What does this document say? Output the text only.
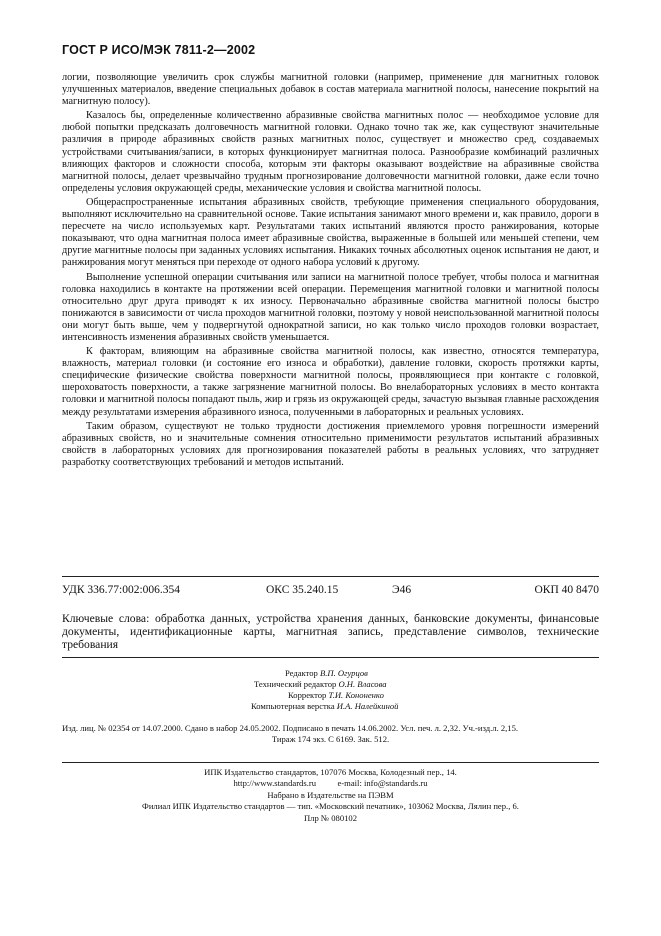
ГОСТ Р ИСО/МЭК 7811-2—2002

логии, позволяющие увеличить срок службы магнитной головки (например, применение для магнитных головок улучшенных материалов, введение специальных добавок в состав материала магнитной полосы, нанесение покрытий на магнитную полосу).

Казалось бы, определенные количественно абразивные свойства магнитных полос — необходимое условие для любой попытки предсказать долговечность магнитной головки. Однако точно так же, как существуют значительные различия в природе абразивных свойств разных магнитных полос, существует и множество сред, создаваемых устройствами считывания/записи, в которых функционирует магнитная полоса. Разнообразие комбинаций различных влияющих факторов и сложности способа, которым эти факторы оказывают воздействие на абразивные свойства магнитной полосы, делает чрезвычайно трудным прогнозирование долговечности магнитной головки, даже если точно определены условия окружающей среды, механические условия и свойства магнитной полосы.

Общераспространенные испытания абразивных свойств, требующие применения специального оборудования, выполняют исключительно на сравнительной основе. Такие испытания занимают много времени и, как правило, дороги в пересчете на число используемых карт. Результатами таких испытаний являются просто ранжирования, которые показывают, что одна магнитная полоса имеет абразивные свойства, выраженные в большей или меньшей степени, чем другие магнитные полосы при заданных условиях испытания. Никаких точных абсолютных оценок испытания не дают, и ранжирования могут меняться при переходе от одного набора условий к другому.

Выполнение успешной операции считывания или записи на магнитной полосе требует, чтобы полоса и магнитная головка находились в контакте на протяжении всей операции. Перемещения магнитной головки и магнитной полосы относительно друг друга приводят к их износу. Первоначально абразивные свойства магнитной полосы быстро понижаются в зависимости от числа проходов магнитной головки, поэтому у новой неиспользованной магнитной полосы они могут быть выше, чем у подвергнутой однократной записи, но как только число проходов головки возрастает, интенсивность изменения абразивных свойств уменьшается.

К факторам, влияющим на абразивные свойства магнитной полосы, как известно, относятся температура, влажность, материал головки (и состояние его износа и обработки), давление головки, скорость протяжки карты, специфические физические свойства поверхности магнитной полосы, проявляющиеся при контакте с головкой, шероховатость поверхности, а также загрязнение магнитной полосы. Во внелабораторных условиях в место контакта головки и магнитной полосы попадают пыль, жир и грязь из окружающей среды, зачастую вызывая главные расхождения между результатами измерения абразивного износа, полученными в лабораторных и реальных условиях.

Таким образом, существуют не только трудности достижения приемлемого уровня погрешности измерений абразивных свойств, но и значительные сомнения относительно применимости результатов испытаний абразивных свойств в лабораторных условиях для прогнозирования показателей работы в реальных условиях, что затрудняет разработку соответствующих требований и методов испытаний.

УДК 336.77:002:006.354	ОКС 35.240.15	Э46	ОКП 40 8470
Ключевые слова: обработка данных, устройства хранения данных, банковские документы, финансовые документы, идентификационные карты, магнитная запись, представление символов, технические требования
Редактор В.П. Огурцов
Технический редактор О.Н. Власова
Корректор Т.И. Кононенко
Компьютерная верстка И.А. Налейкиной
Изд. лиц. № 02354 от 14.07.2000. Сдано в набор 24.05.2002. Подписано в печать 14.06.2002. Усл. печ. л. 2,32. Уч.-изд.л. 2,15.
Тираж 174 экз. С 6169. Зак. 512.
ИПК Издательство стандартов, 107076 Москва, Колодезный пер., 14.
http://www.standards.ru          e-mail: info@standards.ru
Набрано в Издательстве на ПЭВМ
Филиал ИПК Издательство стандартов — тип. «Московский печатник», 103062 Москва, Лялин пер., 6.
Плр № 080102
